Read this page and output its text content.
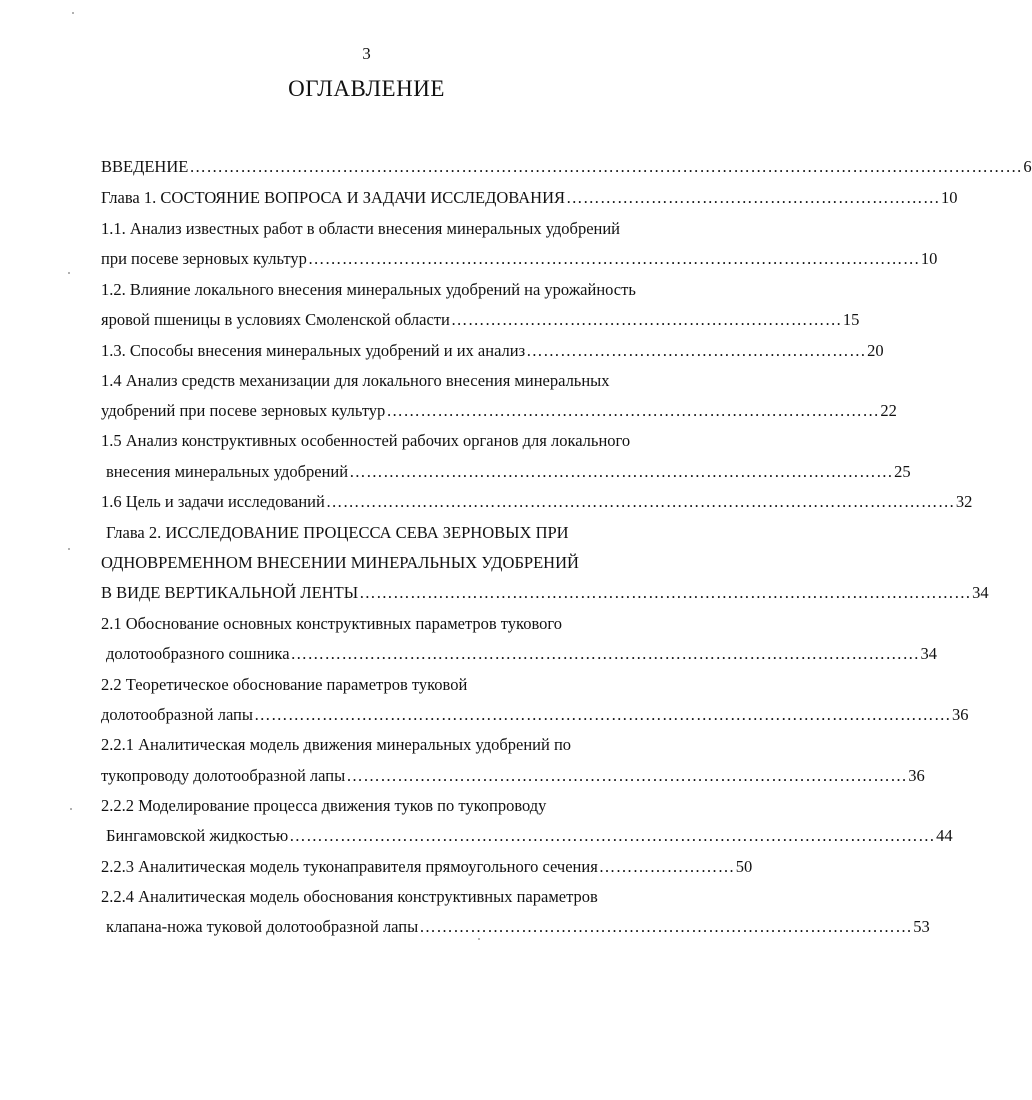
3
ОГЛАВЛЕНИЕ
ВВЕДЕНИЕ ………………………………………………………………………………………………………………………………… 6
Глава 1. СОСТОЯНИЕ ВОПРОСА И ЗАДАЧИ ИССЛЕДОВАНИЯ ………………………………………………………… 10
1.1. Анализ известных работ в области внесения минеральных удобрений
при посеве зерновых культур ……………………………………………………………………………………………… 10
1.2. Влияние локального внесения минеральных удобрений на урожайность
яровой пшеницы в условиях Смоленской области …………………………………………………………… 15
1.3. Способы внесения минеральных удобрений и их анализ …………………………………………………… 20
1.4 Анализ средств механизации для локального внесения минеральных
удобрений при посеве зерновых культур …………………………………………………………………………… 22
1.5 Анализ конструктивных особенностей рабочих органов для локального
внесения минеральных удобрений …………………………………………………………………………………… 25
1.6 Цель и задачи исследований ………………………………………………………………………………………………… 32
Глава 2. ИССЛЕДОВАНИЕ ПРОЦЕССА СЕВА ЗЕРНОВЫХ ПРИ
ОДНОВРЕМЕННОМ ВНЕСЕНИИ МИНЕРАЛЬНЫХ УДОБРЕНИЙ
В ВИДЕ ВЕРТИКАЛЬНОЙ ЛЕНТЫ ……………………………………………………………………………………………… 34
2.1 Обоснование основных конструктивных параметров тукового
долотообразного сошника ………………………………………………………………………………………………… 34
2.2 Теоретическое обоснование параметров туковой
долотообразной лапы …………………………………………………………………………………………………………… 36
2.2.1 Аналитическая модель движения минеральных удобрений по
тукопроводу долотообразной лапы ……………………………………………………………………………………… 36
2.2.2 Моделирование процесса движения туков по тукопроводу
Бингамовской жидкостью …………………………………………………………………………………………………… 44
2.2.3 Аналитическая модель туконаправителя прямоугольного сечения …………………… 50
2.2.4 Аналитическая модель обоснования конструктивных параметров
клапана-ножа туковой долотообразной лапы …………………………………………………………………………… 53
